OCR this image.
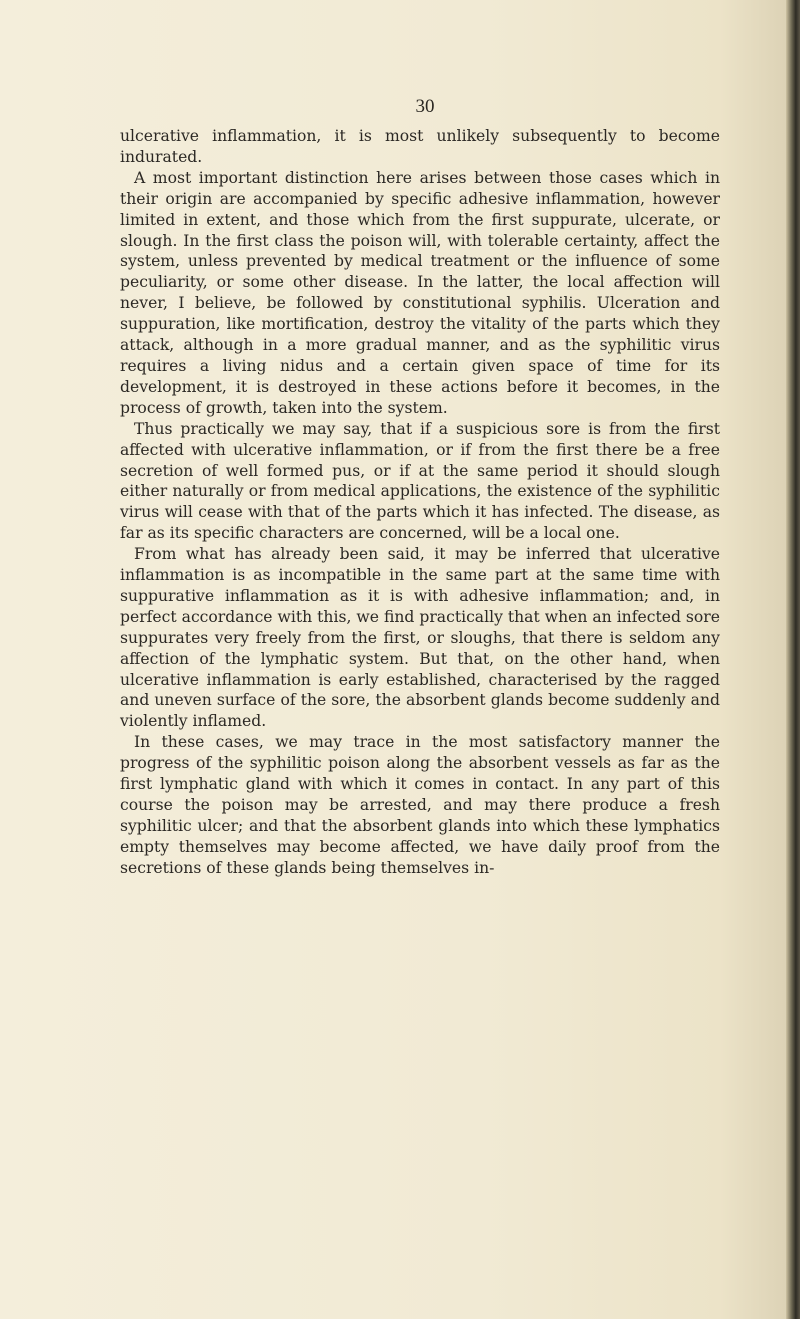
30

ulcerative inflammation, it is most unlikely subsequently to become indurated.

A most important distinction here arises between those cases which in their origin are accompanied by specific adhesive inflammation, however limited in extent, and those which from the first suppurate, ulcerate, or slough. In the first class the poison will, with tolerable certainty, affect the system, unless prevented by medical treatment or the influence of some peculiarity, or some other disease. In the latter, the local affection will never, I believe, be followed by constitutional syphilis. Ulceration and suppuration, like mortification, destroy the vitality of the parts which they attack, although in a more gradual manner, and as the syphilitic virus requires a living nidus and a certain given space of time for its development, it is destroyed in these actions before it becomes, in the process of growth, taken into the system.

Thus practically we may say, that if a suspicious sore is from the first affected with ulcerative inflammation, or if from the first there be a free secretion of well formed pus, or if at the same period it should slough either naturally or from medical applications, the existence of the syphilitic virus will cease with that of the parts which it has infected. The disease, as far as its specific characters are concerned, will be a local one.

From what has already been said, it may be inferred that ulcerative inflammation is as incompatible in the same part at the same time with suppurative inflammation as it is with adhesive inflammation; and, in perfect accordance with this, we find practically that when an infected sore suppurates very freely from the first, or sloughs, that there is seldom any affection of the lymphatic system. But that, on the other hand, when ulcerative inflammation is early established, characterised by the ragged and uneven surface of the sore, the absorbent glands become suddenly and violently inflamed.

In these cases, we may trace in the most satisfactory manner the progress of the syphilitic poison along the absorbent vessels as far as the first lymphatic gland with which it comes in contact. In any part of this course the poison may be arrested, and may there produce a fresh syphilitic ulcer; and that the absorbent glands into which these lymphatics empty themselves may become affected, we have daily proof from the secretions of these glands being themselves in-
